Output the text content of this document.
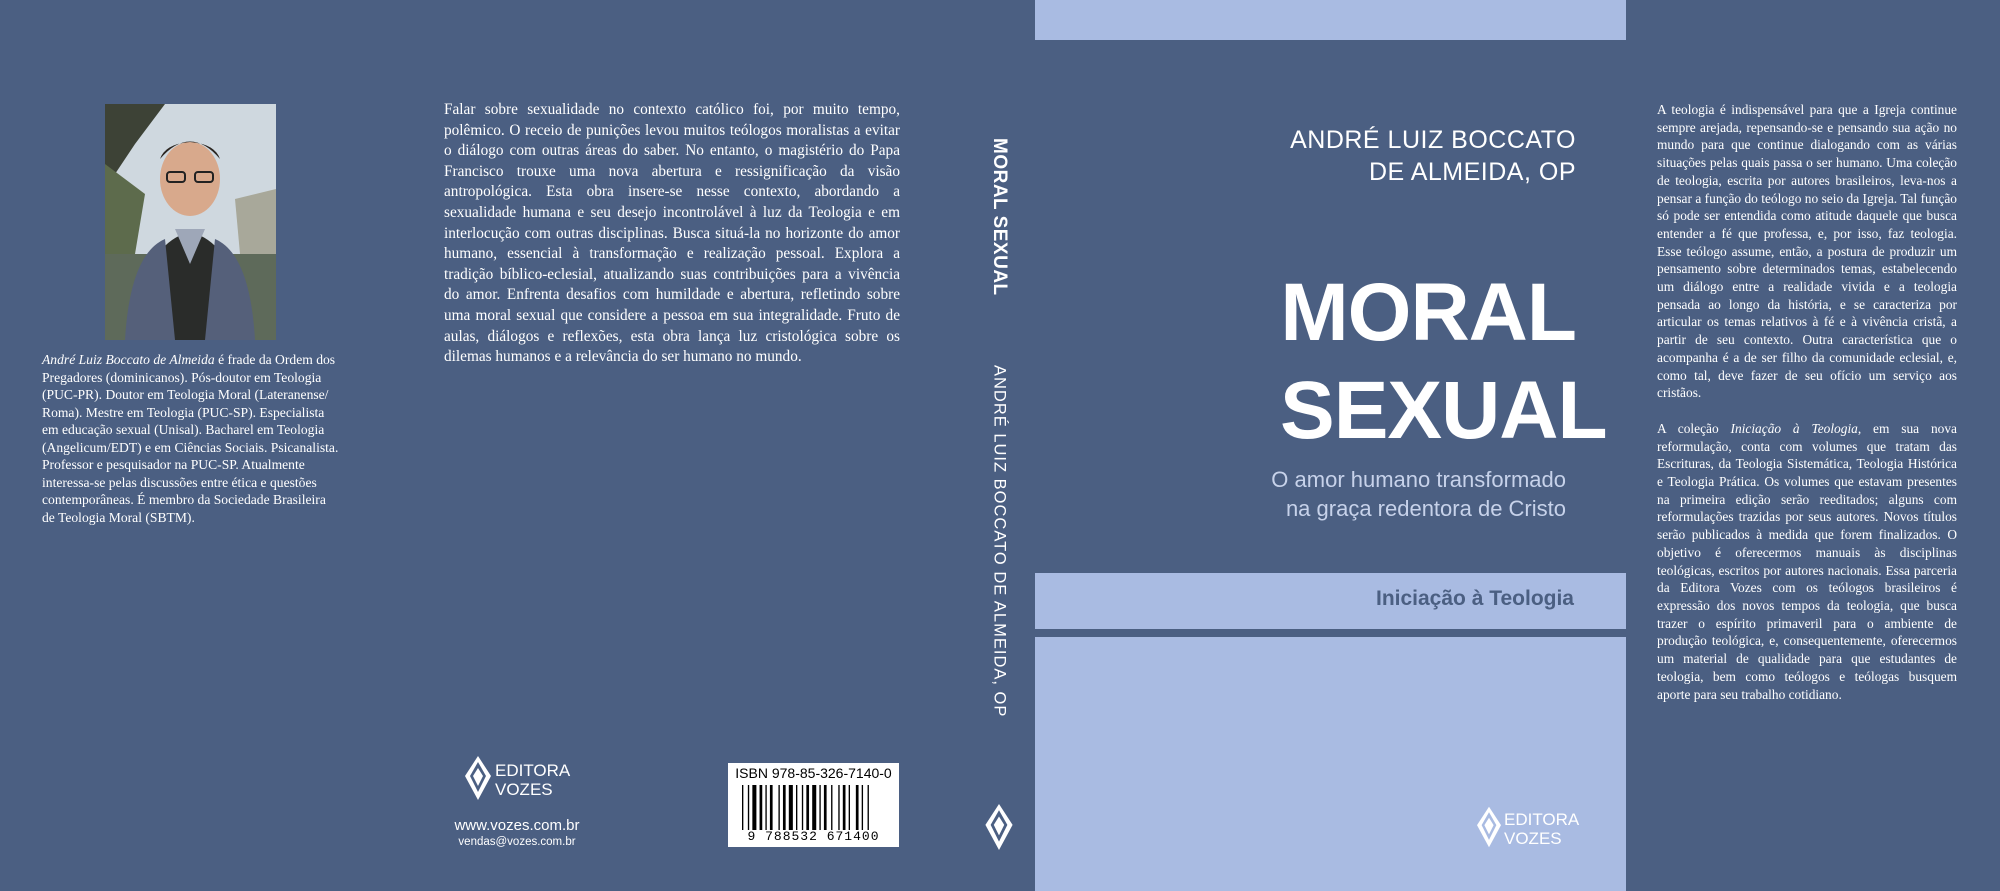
André Luiz Boccato de Almeida é frade da Ordem dos Pregadores (dominicanos). Pós-doutor em Teologia (PUC-PR). Doutor em Teologia Moral (Lateranense/ Roma). Mestre em Teologia (PUC-SP). Especialista em educação sexual (Unisal). Bacharel em Teologia (Angelicum/EDT) e em Ciências Sociais. Psicanalista. Professor e pesquisador na PUC-SP. Atualmente interessa-se pelas discussões entre ética e questões contemporâneas. É membro da Sociedade Brasileira de Teologia Moral (SBTM).
Falar sobre sexualidade no contexto católico foi, por muito tempo, polêmico. O receio de punições levou muitos teólogos moralistas a evitar o diálogo com outras áreas do saber. No entanto, o magistério do Papa Francisco trouxe uma nova abertura e ressignificação da visão antropológica. Esta obra insere-se nesse contexto, abordando a sexualidade humana e seu desejo incontrolável à luz da Teologia e em interlocução com outras disciplinas. Busca situá-la no horizonte do amor humano, essencial à transformação e realização pessoal. Explora a tradição bíblico-eclesial, atualizando suas contribuições para a vivência do amor. Enfrenta desafios com humildade e abertura, refletindo sobre uma moral sexual que considere a pessoa em sua integralidade. Fruto de aulas, diálogos e reflexões, esta obra lança luz cristológica sobre os dilemas humanos e a relevância do ser humano no mundo.
EDITORA
VOZES
www.vozes.com.br
vendas@vozes.com.br
ISBN 978-85-326-7140-0
9 788532 671400
MORAL SEXUAL
ANDRÉ LUIZ BOCCATO DE ALMEIDA, OP
ANDRÉ LUIZ BOCCATO
DE ALMEIDA, OP
MORAL
SEXUAL
O amor humano transformado
na graça redentora de Cristo
Iniciação à Teologia
EDITORA
VOZES

A teologia é indispensável para que a Igreja continue sempre arejada, repensando-se e pensando sua ação no mundo para que continue dialogando com as várias situações pelas quais passa o ser humano. Uma coleção de teologia, escrita por autores brasileiros, leva-nos a pensar a função do teólogo no seio da Igreja. Tal função só pode ser entendida como atitude daquele que busca entender a fé que professa, e, por isso, faz teologia. Esse teólogo assume, então, a postura de produzir um pensamento sobre determinados temas, estabelecendo um diálogo entre a realidade vivida e a teologia pensada ao longo da história, e se caracteriza por articular os temas relativos à fé e à vivência cristã, a partir de seu contexto. Outra característica que o acompanha é a de ser filho da comunidade eclesial, e, como tal, deve fazer de seu ofício um serviço aos cristãos.

A coleção Iniciação à Teologia, em sua nova reformulação, conta com volumes que tratam das Escrituras, da Teologia Sistemática, Teologia Histórica e Teologia Prática. Os volumes que estavam presentes na primeira edição serão reeditados; alguns com reformulações trazidas por seus autores. Novos títulos serão publicados à medida que forem finalizados. O objetivo é oferecermos manuais às disciplinas teológicas, escritos por autores nacionais. Essa parceria da Editora Vozes com os teólogos brasileiros é expressão dos novos tempos da teologia, que busca trazer o espírito primaveril para o ambiente de produção teológica, e, consequentemente, oferecermos um material de qualidade para que estudantes de teologia, bem como teólogos e teólogas busquem aporte para seu trabalho cotidiano.
